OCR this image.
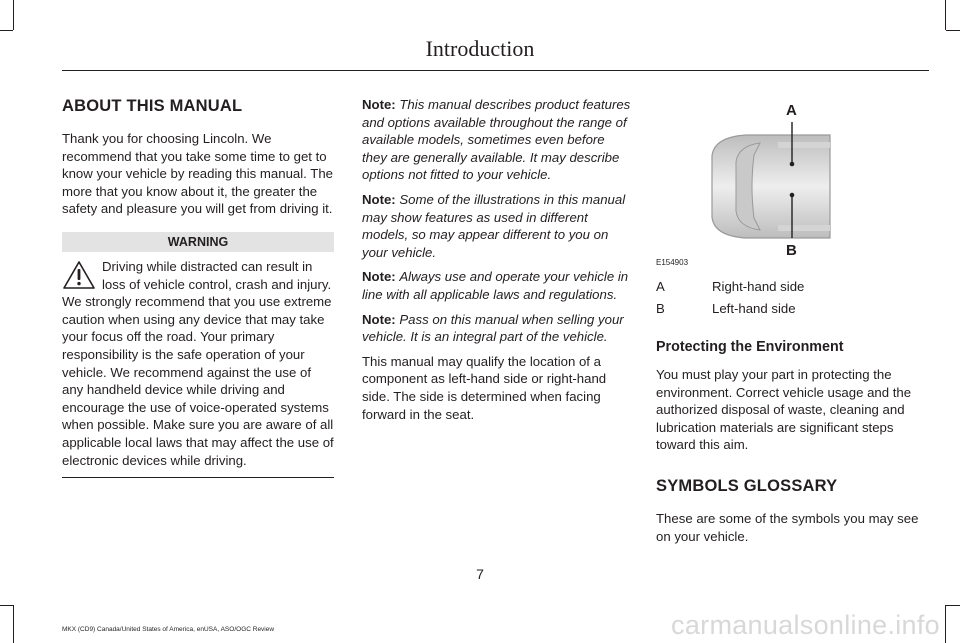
Introduction
ABOUT THIS MANUAL

Thank you for choosing Lincoln. We recommend that you take some time to get to know your vehicle by reading this manual. The more that you know about it, the greater the safety and pleasure you will get from driving it.

WARNING

Driving while distracted can result in loss of vehicle control, crash and injury. We strongly recommend that you use extreme caution when using any device that may take your focus off the road. Your primary responsibility is the safe operation of your vehicle. We recommend against the use of any handheld device while driving and encourage the use of voice-operated systems when possible. Make sure you are aware of all applicable local laws that may affect the use of electronic devices while driving.

Note: This manual describes product features and options available throughout the range of available models, sometimes even before they are generally available. It may describe options not fitted to your vehicle.

Note: Some of the illustrations in this manual may show features as used in different models, so may appear different to you on your vehicle.

Note: Always use and operate your vehicle in line with all applicable laws and regulations.

Note: Pass on this manual when selling your vehicle. It is an integral part of the vehicle.

This manual may qualify the location of a component as left-hand side or right-hand side. The side is determined when facing forward in the seat.

A
B
E154903
A	Right-hand side
B	Left-hand side
Protecting the Environment

You must play your part in protecting the environment. Correct vehicle usage and the authorized disposal of waste, cleaning and lubrication materials are significant steps toward this aim.

SYMBOLS GLOSSARY

These are some of the symbols you may see on your vehicle.

7
MKX (CD9) Canada/United States of America, enUSA, ASO/OGC Review	carmanualsonline.info
